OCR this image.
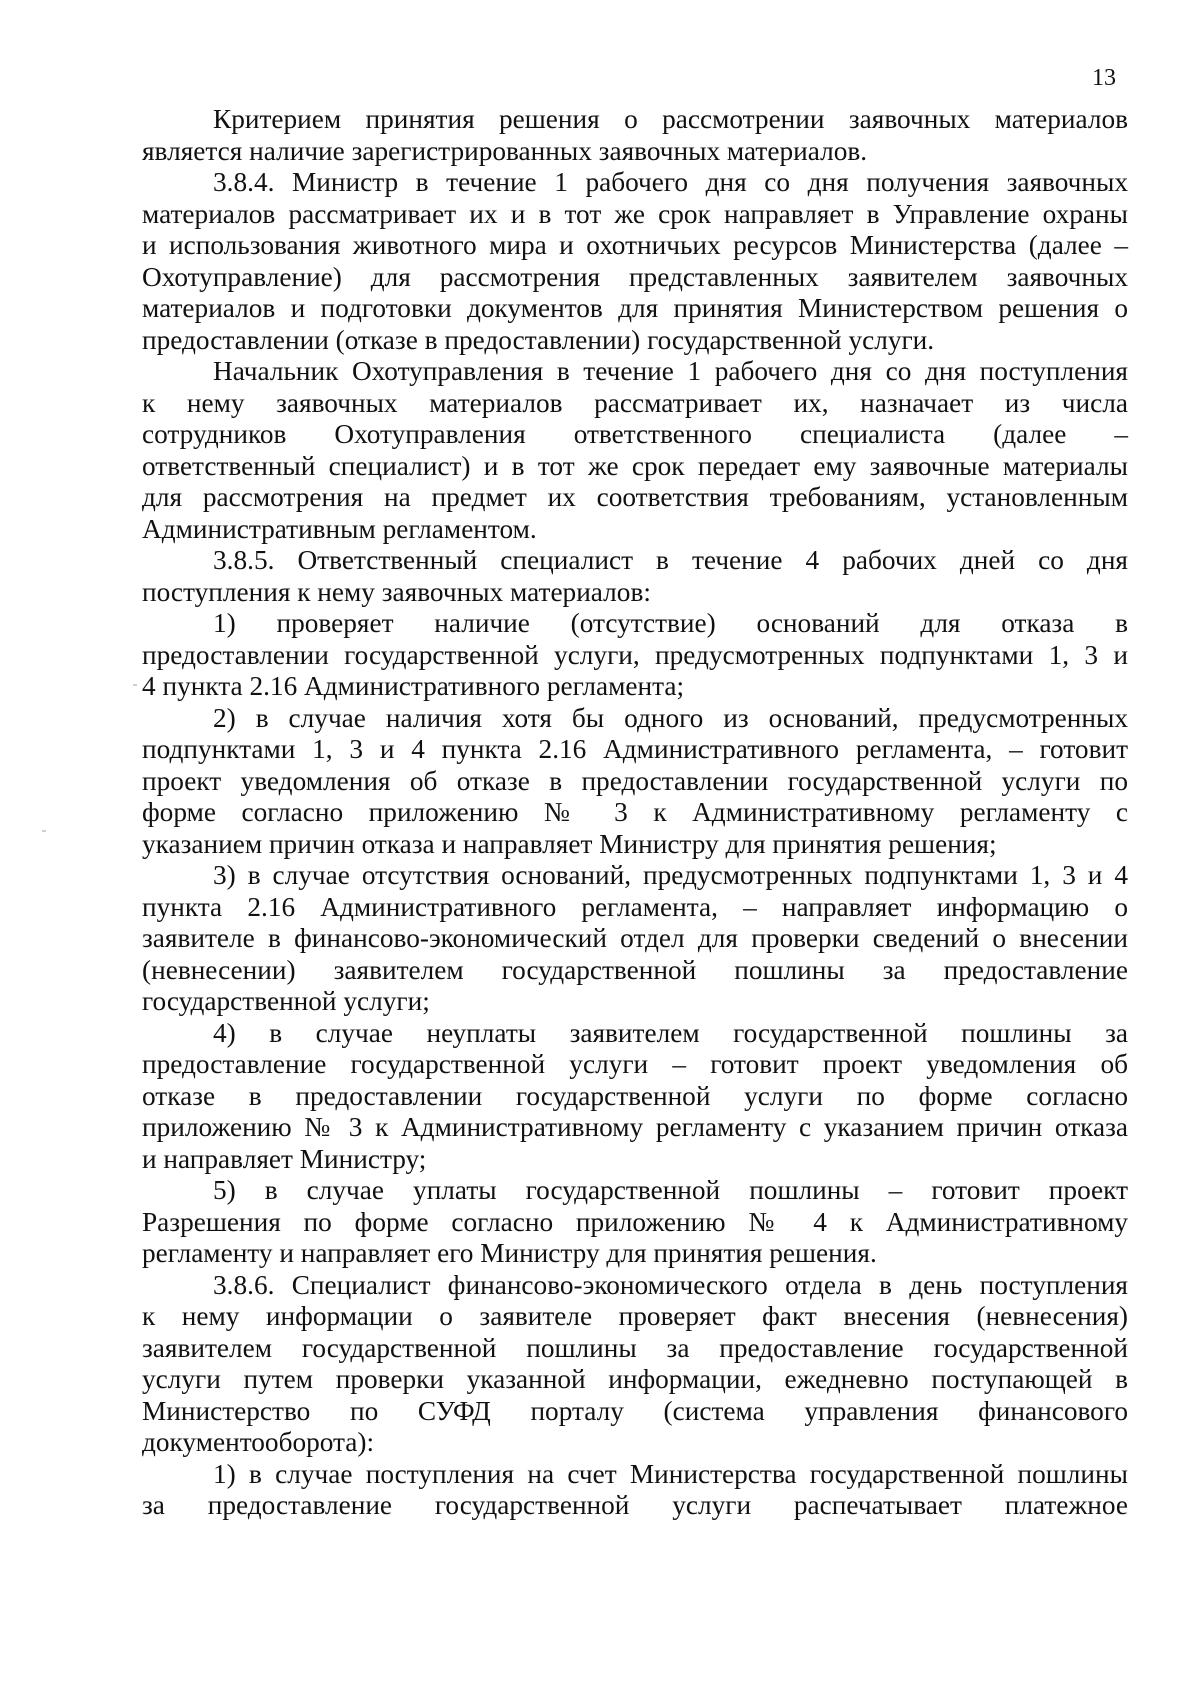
13
Критерием принятия решения о рассмотрении заявочных материалов
является наличие зарегистрированных заявочных материалов.
3.8.4. Министр в течение 1 рабочего дня со дня получения заявочных
материалов рассматривает их и в тот же срок направляет в Управление охраны
и использования животного мира и охотничьих ресурсов Министерства (далее –
Охотуправление) для рассмотрения представленных заявителем заявочных
материалов и подготовки документов для принятия Министерством решения о
предоставлении (отказе в предоставлении) государственной услуги.
Начальник Охотуправления в течение 1 рабочего дня со дня поступления
к нему заявочных материалов рассматривает их, назначает из числа
сотрудников Охотуправления ответственного специалиста (далее –
ответственный специалист) и в тот же срок передает ему заявочные материалы
для рассмотрения на предмет их соответствия требованиям, установленным
Административным регламентом.
3.8.5. Ответственный специалист в течение 4 рабочих дней со дня
поступления к нему заявочных материалов:
1) проверяет наличие (отсутствие) оснований для отказа в
предоставлении государственной услуги, предусмотренных подпунктами 1, 3 и
4 пункта 2.16 Административного регламента;
2) в случае наличия хотя бы одного из оснований, предусмотренных
подпунктами 1, 3 и 4 пункта 2.16 Административного регламента, – готовит
проект уведомления об отказе в предоставлении государственной услуги по
форме согласно приложению № 3 к Административному регламенту с
указанием причин отказа и направляет Министру для принятия решения;
3) в случае отсутствия оснований, предусмотренных подпунктами 1, 3 и 4
пункта 2.16 Административного регламента, – направляет информацию о
заявителе в финансово-экономический отдел для проверки сведений о внесении
(невнесении) заявителем государственной пошлины за предоставление
государственной услуги;
4) в случае неуплаты заявителем государственной пошлины за
предоставление государственной услуги – готовит проект уведомления об
отказе в предоставлении государственной услуги по форме согласно
приложению № 3 к Административному регламенту с указанием причин отказа
и направляет Министру;
5) в случае уплаты государственной пошлины – готовит проект
Разрешения по форме согласно приложению № 4 к Административному
регламенту и направляет его Министру для принятия решения.
3.8.6. Специалист финансово-экономического отдела в день поступления
к нему информации о заявителе проверяет факт внесения (невнесения)
заявителем государственной пошлины за предоставление государственной
услуги путем проверки указанной информации, ежедневно поступающей в
Министерство по СУФД порталу (система управления финансового
документооборота):
1) в случае поступления на счет Министерства государственной пошлины
за предоставление государственной услуги распечатывает платежное
